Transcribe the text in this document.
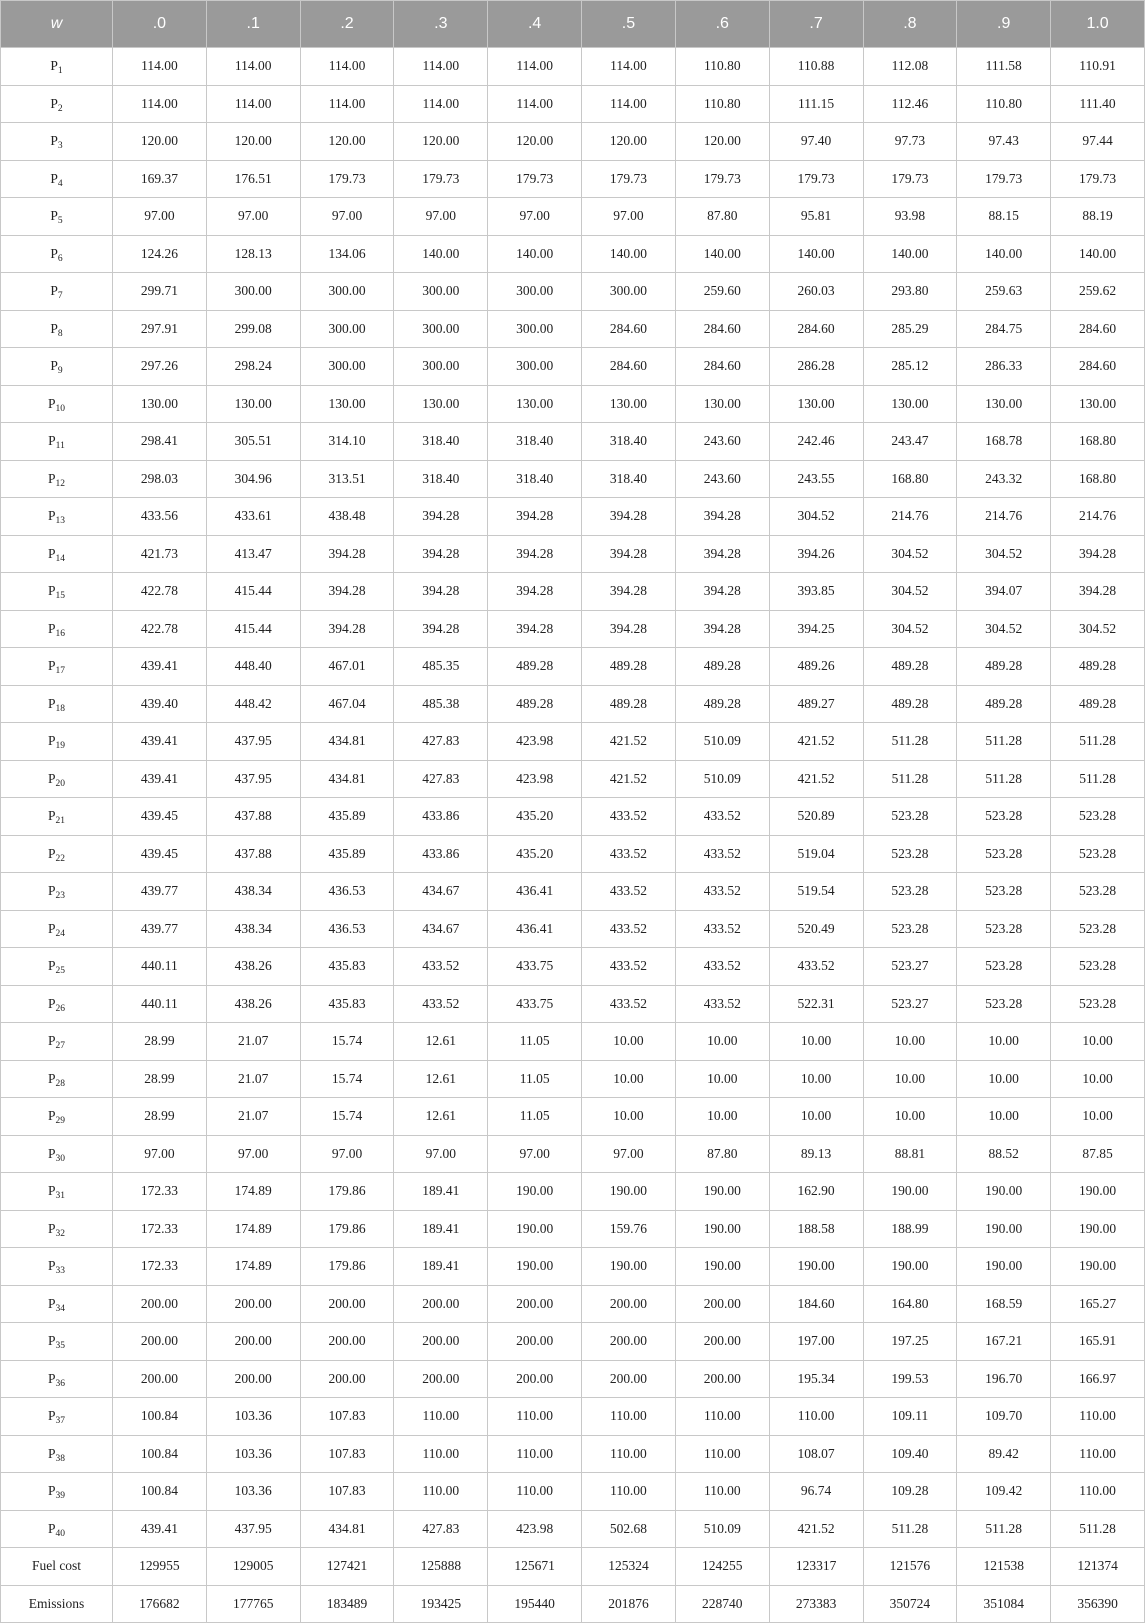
w	.0	.1	.2	.3	.4	.5	.6	.7	.8	.9	1.0
$P_1$	114.00	114.00	114.00	114.00	114.00	114.00	110.80	110.88	112.08	111.58	110.91
$P_2$	114.00	114.00	114.00	114.00	114.00	114.00	110.80	111.15	112.46	110.80	111.40
$P_3$	120.00	120.00	120.00	120.00	120.00	120.00	120.00	97.40	97.73	97.43	97.44
$P_4$	169.37	176.51	179.73	179.73	179.73	179.73	179.73	179.73	179.73	179.73	179.73
$P_5$	97.00	97.00	97.00	97.00	97.00	97.00	87.80	95.81	93.98	88.15	88.19
$P_6$	124.26	128.13	134.06	140.00	140.00	140.00	140.00	140.00	140.00	140.00	140.00
$P_7$	299.71	300.00	300.00	300.00	300.00	300.00	259.60	260.03	293.80	259.63	259.62
$P_8$	297.91	299.08	300.00	300.00	300.00	284.60	284.60	284.60	285.29	284.75	284.60
$P_9$	297.26	298.24	300.00	300.00	300.00	284.60	284.60	286.28	285.12	286.33	284.60
$P_{10}$	130.00	130.00	130.00	130.00	130.00	130.00	130.00	130.00	130.00	130.00	130.00
$P_{11}$	298.41	305.51	314.10	318.40	318.40	318.40	243.60	242.46	243.47	168.78	168.80
$P_{12}$	298.03	304.96	313.51	318.40	318.40	318.40	243.60	243.55	168.80	243.32	168.80
$P_{13}$	433.56	433.61	438.48	394.28	394.28	394.28	394.28	304.52	214.76	214.76	214.76
$P_{14}$	421.73	413.47	394.28	394.28	394.28	394.28	394.28	394.26	304.52	304.52	394.28
$P_{15}$	422.78	415.44	394.28	394.28	394.28	394.28	394.28	393.85	304.52	394.07	394.28
$P_{16}$	422.78	415.44	394.28	394.28	394.28	394.28	394.28	394.25	304.52	304.52	304.52
$P_{17}$	439.41	448.40	467.01	485.35	489.28	489.28	489.28	489.26	489.28	489.28	489.28
$P_{18}$	439.40	448.42	467.04	485.38	489.28	489.28	489.28	489.27	489.28	489.28	489.28
$P_{19}$	439.41	437.95	434.81	427.83	423.98	421.52	510.09	421.52	511.28	511.28	511.28
$P_{20}$	439.41	437.95	434.81	427.83	423.98	421.52	510.09	421.52	511.28	511.28	511.28
$P_{21}$	439.45	437.88	435.89	433.86	435.20	433.52	433.52	520.89	523.28	523.28	523.28
$P_{22}$	439.45	437.88	435.89	433.86	435.20	433.52	433.52	519.04	523.28	523.28	523.28
$P_{23}$	439.77	438.34	436.53	434.67	436.41	433.52	433.52	519.54	523.28	523.28	523.28
$P_{24}$	439.77	438.34	436.53	434.67	436.41	433.52	433.52	520.49	523.28	523.28	523.28
$P_{25}$	440.11	438.26	435.83	433.52	433.75	433.52	433.52	433.52	523.27	523.28	523.28
$P_{26}$	440.11	438.26	435.83	433.52	433.75	433.52	433.52	522.31	523.27	523.28	523.28
$P_{27}$	28.99	21.07	15.74	12.61	11.05	10.00	10.00	10.00	10.00	10.00	10.00
$P_{28}$	28.99	21.07	15.74	12.61	11.05	10.00	10.00	10.00	10.00	10.00	10.00
$P_{29}$	28.99	21.07	15.74	12.61	11.05	10.00	10.00	10.00	10.00	10.00	10.00
$P_{30}$	97.00	97.00	97.00	97.00	97.00	97.00	87.80	89.13	88.81	88.52	87.85
$P_{31}$	172.33	174.89	179.86	189.41	190.00	190.00	190.00	162.90	190.00	190.00	190.00
$P_{32}$	172.33	174.89	179.86	189.41	190.00	159.76	190.00	188.58	188.99	190.00	190.00
$P_{33}$	172.33	174.89	179.86	189.41	190.00	190.00	190.00	190.00	190.00	190.00	190.00
$P_{34}$	200.00	200.00	200.00	200.00	200.00	200.00	200.00	184.60	164.80	168.59	165.27
$P_{35}$	200.00	200.00	200.00	200.00	200.00	200.00	200.00	197.00	197.25	167.21	165.91
$P_{36}$	200.00	200.00	200.00	200.00	200.00	200.00	200.00	195.34	199.53	196.70	166.97
$P_{37}$	100.84	103.36	107.83	110.00	110.00	110.00	110.00	110.00	109.11	109.70	110.00
$P_{38}$	100.84	103.36	107.83	110.00	110.00	110.00	110.00	108.07	109.40	89.42	110.00
$P_{39}$	100.84	103.36	107.83	110.00	110.00	110.00	110.00	96.74	109.28	109.42	110.00
$P_{40}$	439.41	437.95	434.81	427.83	423.98	502.68	510.09	421.52	511.28	511.28	511.28
Fuel cost	129955	129005	127421	125888	125671	125324	124255	123317	121576	121538	121374
Emissions	176682	177765	183489	193425	195440	201876	228740	273383	350724	351084	356390
